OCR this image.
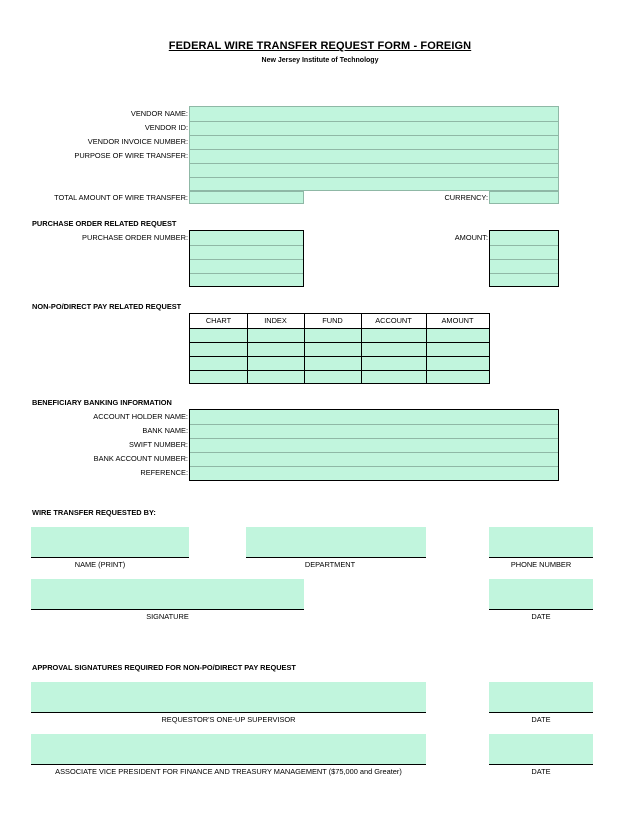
FEDERAL WIRE TRANSFER REQUEST FORM - FOREIGN
New Jersey Institute of Technology
VENDOR NAME:
VENDOR ID:
VENDOR INVOICE NUMBER:
PURPOSE OF WIRE TRANSFER:
TOTAL AMOUNT OF WIRE TRANSFER:	CURRENCY:
PURCHASE ORDER RELATED REQUEST
PURCHASE ORDER NUMBER:	AMOUNT:
NON-PO/DIRECT PAY RELATED REQUEST
CHART	INDEX	FUND	ACCOUNT	AMOUNT
BENEFICIARY BANKING INFORMATION
ACCOUNT HOLDER NAME:
BANK NAME:
SWIFT NUMBER:
BANK ACCOUNT NUMBER:
REFERENCE:
WIRE TRANSFER REQUESTED BY:
NAME (PRINT)	DEPARTMENT	PHONE NUMBER
SIGNATURE	DATE
APPROVAL SIGNATURES REQUIRED FOR NON-PO/DIRECT PAY REQUEST
REQUESTOR'S ONE-UP SUPERVISOR	DATE
ASSOCIATE VICE PRESIDENT FOR FINANCE AND TREASURY MANAGEMENT ($75,000 and Greater)	DATE
